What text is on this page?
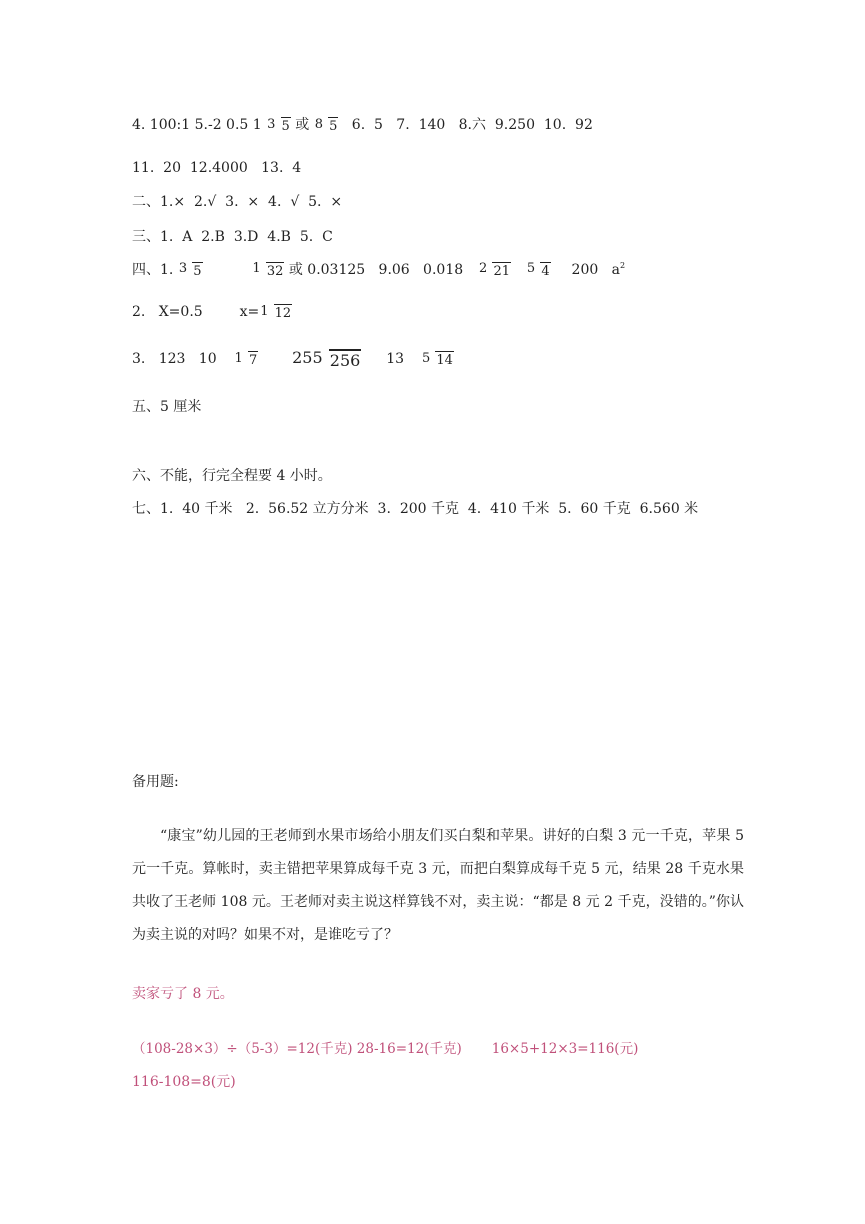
4. 100:1 5.-2 0.5 1 3 5 或 8 5   6.  5   7.  140   8.六  9.250  10.  92
11.  20  12.4000   13.  4
二、1.×  2.√  3.  ×  4.  √  5.  ×
三、1.  A  2.B  3.D  4.B  5.  C
四、1. 3 5	1 32 或 0.03125   9.06   0.018 2 21 5 4 200   a2
2.   X=0.5	x=1 12
3.   123   10 1 7 255 256 13 5 14
五、5 厘米
六、不能，行完全程要 4 小时。
七、1.  40 千米   2.  56.52 立方分米  3.  200 千克  4.  410 千米  5.  60 千克  6.560 米
备用题:
“康宝”幼儿园的王老师到水果市场给小朋友们买白梨和苹果。讲好的白梨 3 元一千克，苹果 5 元一千克。算帐时，卖主错把苹果算成每千克 3 元，而把白梨算成每千克 5 元，结果 28 千克水果共收了王老师 108 元。王老师对卖主说这样算钱不对，卖主说：“都是 8 元 2 千克，没错的。”你认为卖主说的对吗？如果不对，是谁吃亏了？
卖家亏了 8 元。
（108-28×3）÷（5-3）=12(千克) 28-16=12(千克)       16×5+12×3=116(元)
116-108=8(元)
